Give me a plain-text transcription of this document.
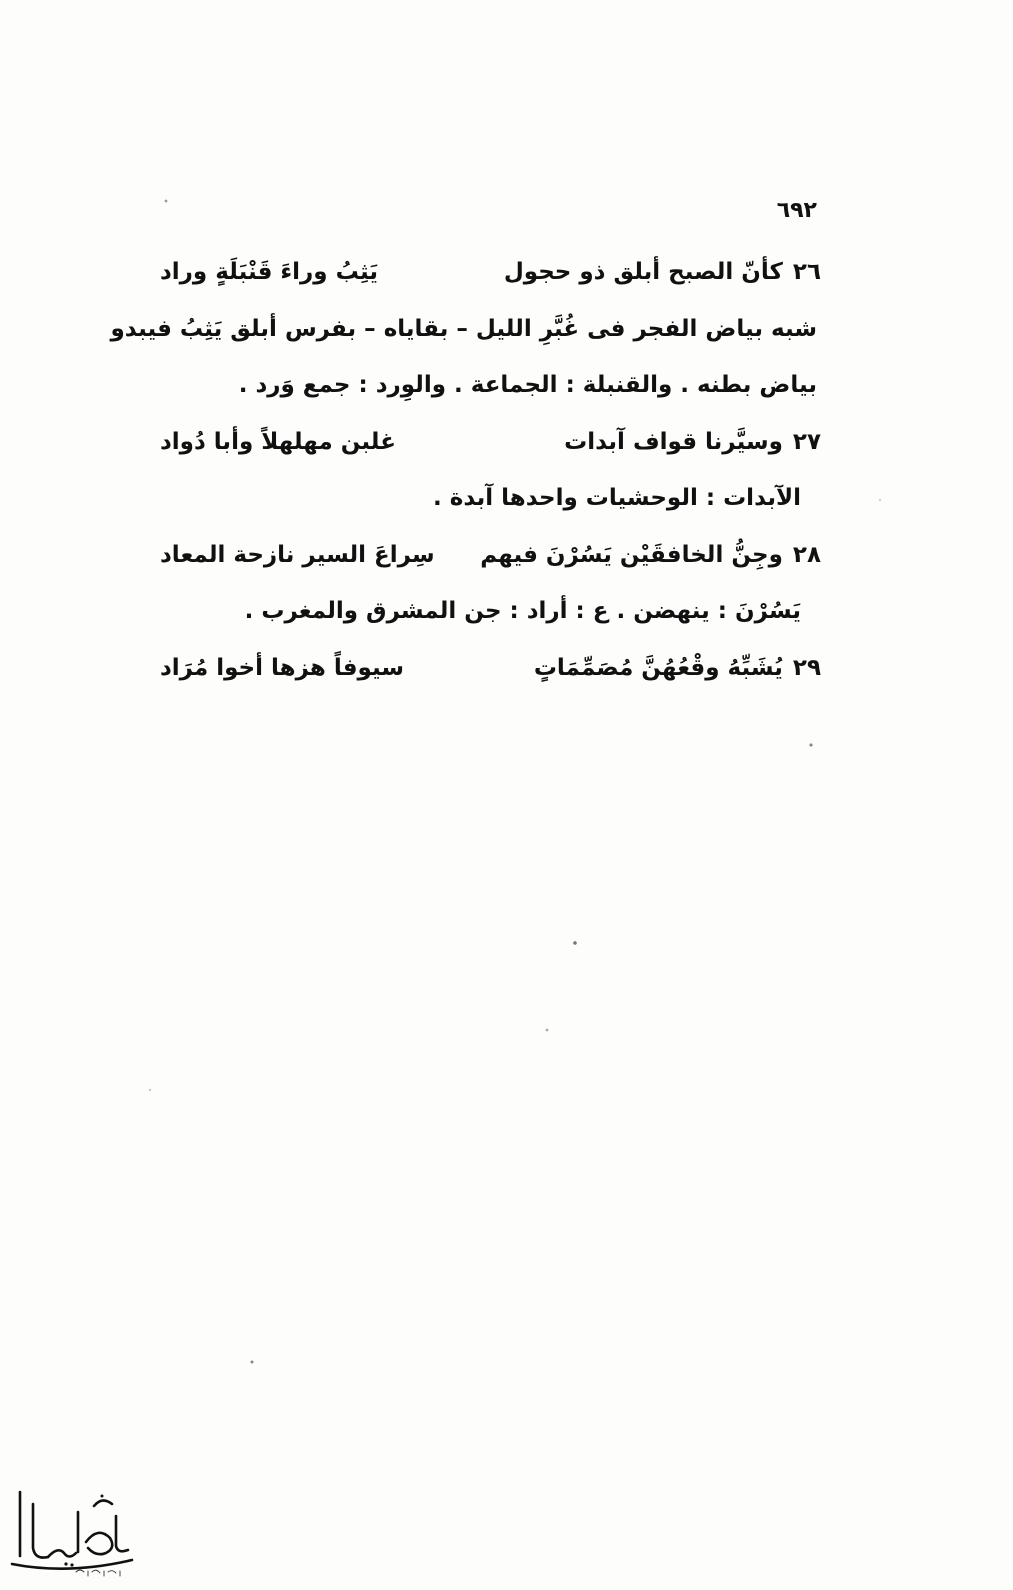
٦٩٢
٢٦
كأنّ الصبح أبلق ذو حجول
يَثِبُ وراءَ قَنْبَلَةٍ وراد
شبه بياض الفجر فى غُبَّرِ الليل – بقاياه – بفرس أبلق يَثِبُ فيبدو
بياض بطنه . والقنبلة : الجماعة . والوِرد : جمع وَرد .
٢٧
وسيَّرنا قواف آبدات
غلبن مهلهلاً وأبا دُواد
الآبدات : الوحشيات واحدها آبدة .
٢٨
وجِنُّ الخافقَيْن يَسُرْنَ فيهم
سِراعَ السير نازحة المعاد
يَسُرْنَ : ينهضن . ع : أراد : جن المشرق والمغرب .
٢٩
يُشَبِّهُ وقْعُهُنَّ مُصَمِّمَاتٍ
سيوفاً هزها أخوا مُرَاد
